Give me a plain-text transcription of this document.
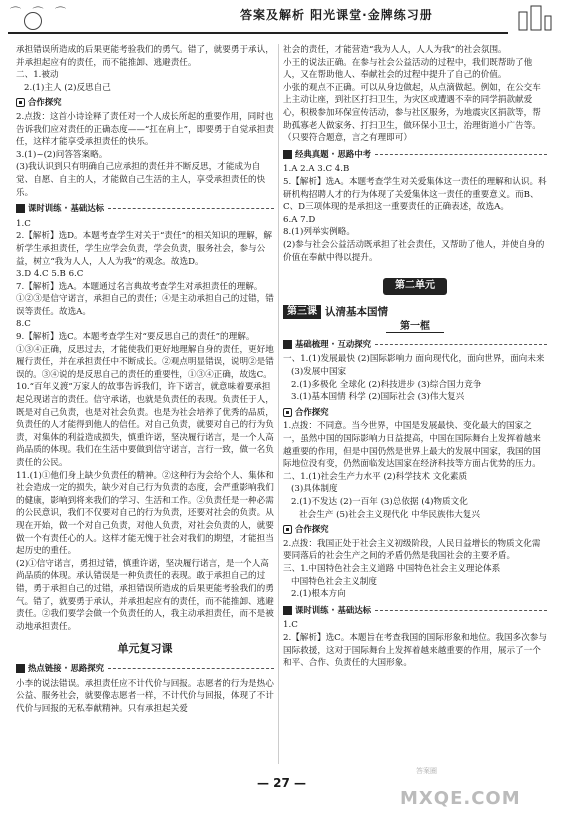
⌒ ⌒ ⌒	答案及解析 阳光课堂·金牌练习册
承担错误所造成的后果更能考验我们的勇气。错了，就要勇于承认，并承担起应有的责任，而不能推卸、逃避责任。
二、1.被动
2.(1)主人 (2)反思自己
合作探究
2.点拨：这首小诗诠释了责任对一个人成长所起的重要作用，同时也告诉我们应对责任的正确态度——“扛在肩上”，即要勇于自觉承担责任，这样才能享受承担责任的快乐。
3.(1)~(2)问答答案略。
(3)我认识到只有明确自己应承担的责任并不断反思，才能成为自觉、自愿、自主的人，才能做自己生活的主人，享受承担责任的快乐。
课时训练 · 基础达标
1.C
2.【解析】选D。本题考查学生对关于“责任”的相关知识的理解，解析学生承担责任，学生应学会负责，学会负责，服务社会，参与公益，树立“我为人人，人人为我”的观念。故选D。
3.D 4.C 5.B 6.C
7.【解析】选A。本题通过名言典故考查学生对承担责任的理解。①②③是信守诺言，承担自己的责任；④是主动承担自己的过错，错误等责任。故选A。
8.C
9.【解析】选C。本题考查学生对“要反思自己的责任”的理解。①③④正确，反思过去，才能使我们更好地理解自身的责任，更好地履行责任，并在承担责任中不断成长。②观点明显错误，说明②是错误的。③④说的是反思自己的责任的重要性，①③④正确，故选C。
10.“百年义渡”万家人的故事告诉我们，许下诺言，就意味着要承担起兑现诺言的责任。信守承诺，也就是负责任的表现。负责任于人，既是对自己负责，也是对社会负责。也是为社会培养了优秀的品质，负责任的人才能得到他人的信任。对自己负责，就要对自己的行为负责，对集体的利益造成损失，慎重许诺，坚决履行诺言，是一个人高尚品质的体现。我们在生活中要做到信守诺言，言行一致，做一名负责任的公民。
11.(1)①他们身上缺少负责任的精神。②这种行为会给个人、集体和社会造成一定的损失，缺少对自己行为负责的态度，会严重影响我们的健康，影响到将来我们的学习、生活和工作。②负责任是一种必需的公民意识，我们不仅要对自己的行为负责，还要对社会的负责。从现在开始，做一个对自己负责，对他人负责，对社会负责的人，就要做一个有责任心的人。这样才能无愧于社会对我们的期望，才能担当起历史的重任。
(2)①信守诺言，勇担过错，慎重许诺，坚决履行诺言，是一个人高尚品质的体现。承认错误是一种负责任的表现。敢于承担自己的过错，勇于承担自己的过错，承担错误所造成的后果更能考验我们的勇气。错了，就要勇于承认，并承担起应有的责任，而不能推卸、逃避责任。②我们要学会做一个负责任的人，我主动承担责任，而不是被动地承担责任。
单元复习课
热点链接 · 思路探究
小李的说法错误。承担责任应不计代价与回报。志愿者的行为是热心公益、服务社会，就要像志愿者一样，不计代价与回报，体现了不计代价与回报的无私奉献精神。只有承担起关爱
社会的责任，才能营造“我为人人，人人为我”的社会氛围。
小王的说法正确。在参与社会公益活动的过程中，我们既帮助了他人，又在帮助他人、奉献社会的过程中提升了自己的价值。
小张的观点不正确。可以从身边做起，从点滴做起。例如，在公交车上主动让座，到社区打扫卫生，为灾区或遭遇不幸的同学捐款献爱心，积极参加环保宣传活动，参与社区服务，为地震灾区捐款等，帮助孤寡老人做家务、打扫卫生，做环保小卫士，治理街道小广告等。（只要符合题意，言之有理即可）
经典真题 · 思路中考
1.A 2.A 3.C 4.B
5.【解析】选A。本题考查学生对关爱集体这一责任的理解和认识。科研机构招聘人才的行为体现了关爱集体这一责任的重要意义。而B、C、D三项体现的是承担这一重要责任的正确表述，故选A。
6.A 7.D
8.(1)列举实例略。
(2)参与社会公益活动既承担了社会责任，又帮助了他人，并使自身的价值在奉献中得以提升。
第二单元
第三课 认清基本国情
第一框
基础梳理 · 互动探究
一、1.(1)发展最快 (2)国际影响力 面向现代化，面向世界，面向未来
(3)发展中国家
2.(1)多极化 全球化 (2)科技进步 (3)综合国力竞争
3.(1)基本国情 科学 (2)国际社会 (3)伟大复兴
合作探究
1.点拨：不同意。当今世界，中国是发展最快、变化最大的国家之一，虽然中国的国际影响力日益提高，中国在国际舞台上发挥着越来越重要的作用，但是中国仍然是世界上最大的发展中国家，我国的国际地位没有变，仍然面临发达国家在经济科技等方面占优势的压力。
二、1.(1)社会生产力水平 (2)科学技术 文化素质
(3)具体制度
2.(1)不发达 (2)一百年 (3)总依据 (4)物质文化
社会生产 (5)社会主义现代化 中华民族伟大复兴
合作探究
2.点拨：我国正处于社会主义初级阶段，人民日益增长的物质文化需要同落后的社会生产之间的矛盾仍然是我国社会的主要矛盾。
三、1.中国特色社会主义道路 中国特色社会主义理论体系
中国特色社会主义制度
2.(1)根本方向
课时训练 · 基础达标
1.C
2.【解析】选C。本题旨在考查我国的国际形象和地位。我国多次参与国际救援，这对于国际舞台上发挥着越来越重要的作用，展示了一个和平、合作、负责任的大国形象。
— 27 —
答案圈
MXQE.COM
